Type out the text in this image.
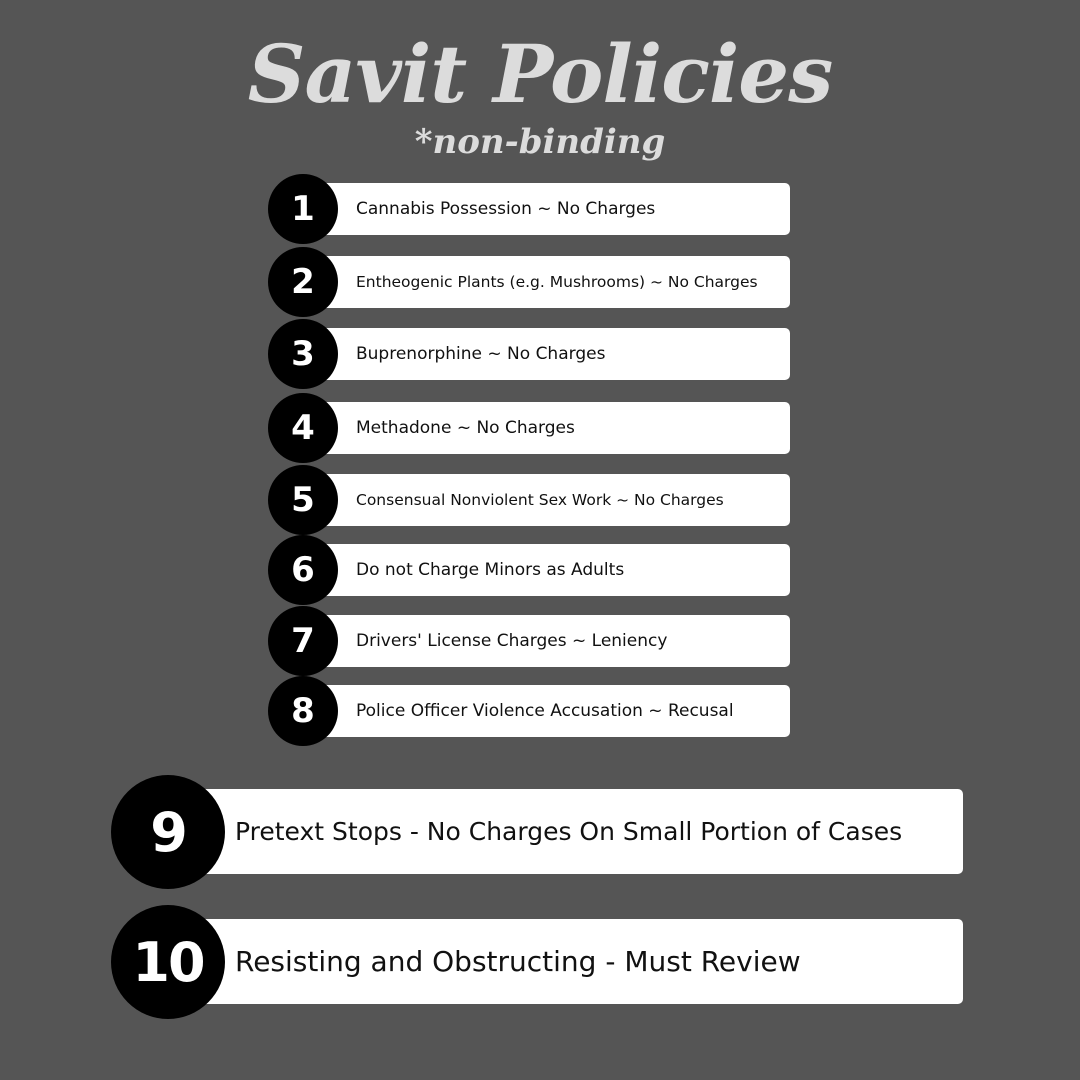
Savit Policies
*non-binding
1	Cannabis Possession ~ No Charges
2	Entheogenic Plants (e.g. Mushrooms) ~ No Charges
3	Buprenorphine ~ No Charges
4	Methadone ~ No Charges
5	Consensual Nonviolent Sex Work ~ No Charges
6	Do not Charge Minors as Adults
7	Drivers' License Charges ~ Leniency
8	Police Officer Violence Accusation ~ Recusal
9	Pretext Stops - No Charges On Small Portion of Cases
10	Resisting and Obstructing - Must Review
